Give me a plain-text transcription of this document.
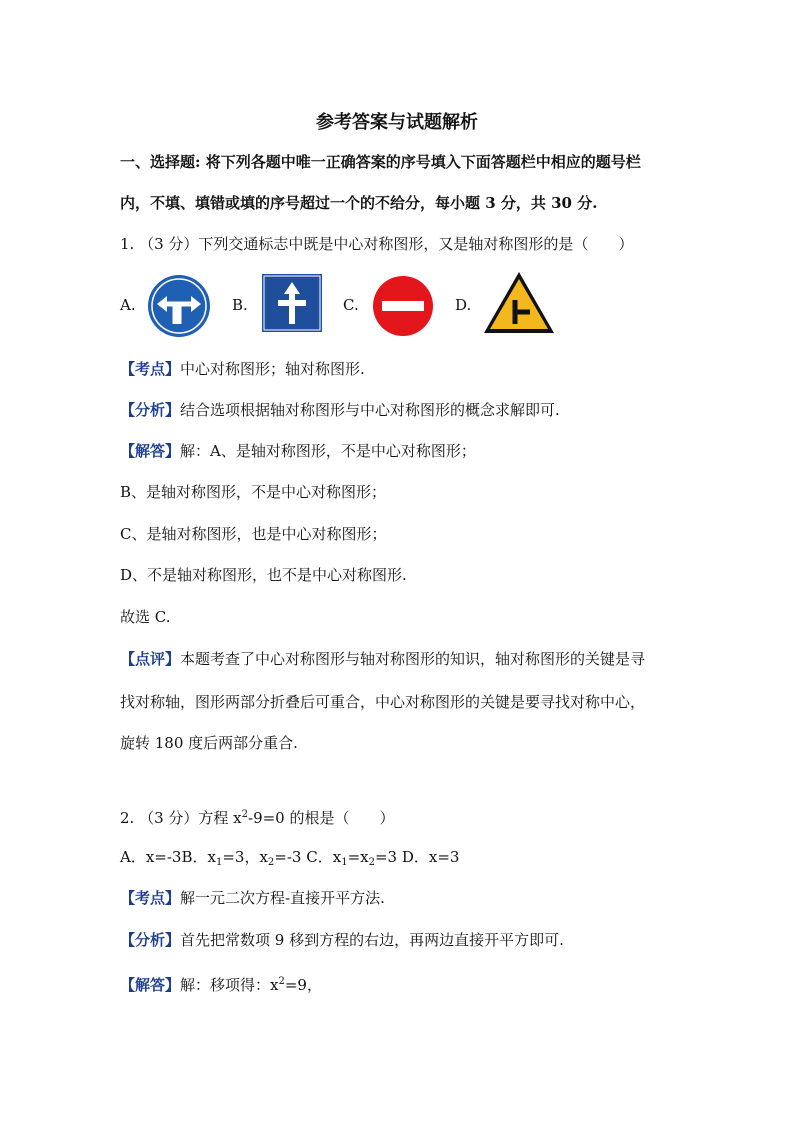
参考答案与试题解析
一、选择题: 将下列各题中唯一正确答案的序号填入下面答题栏中相应的题号栏
内，不填、填错或填的序号超过一个的不给分，每小题 3 分，共 30 分.
1. （3 分）下列交通标志中既是中心对称图形，又是轴对称图形的是（　　）
A.	B.	C.	D.
【考点】中心对称图形；轴对称图形.
【分析】结合选项根据轴对称图形与中心对称图形的概念求解即可.
【解答】解：A、是轴对称图形，不是中心对称图形；
B、是轴对称图形，不是中心对称图形；
C、是轴对称图形，也是中心对称图形；
D、不是轴对称图形，也不是中心对称图形.
故选 C.
【点评】本题考查了中心对称图形与轴对称图形的知识，轴对称图形的关键是寻
找对称轴，图形两部分折叠后可重合，中心对称图形的关键是要寻找对称中心，
旋转 180 度后两部分重合.
2. （3 分）方程 $x^2-9=0$ 的根是（　　）
A．x=-3B．$x_1=3$，$x_2=-3$ C．$x_1=x_2=3$ D．x=3
【考点】解一元二次方程-直接开平方法.
【分析】首先把常数项 9 移到方程的右边，再两边直接开平方即可.
【解答】解：移项得：$x^2=9$，
